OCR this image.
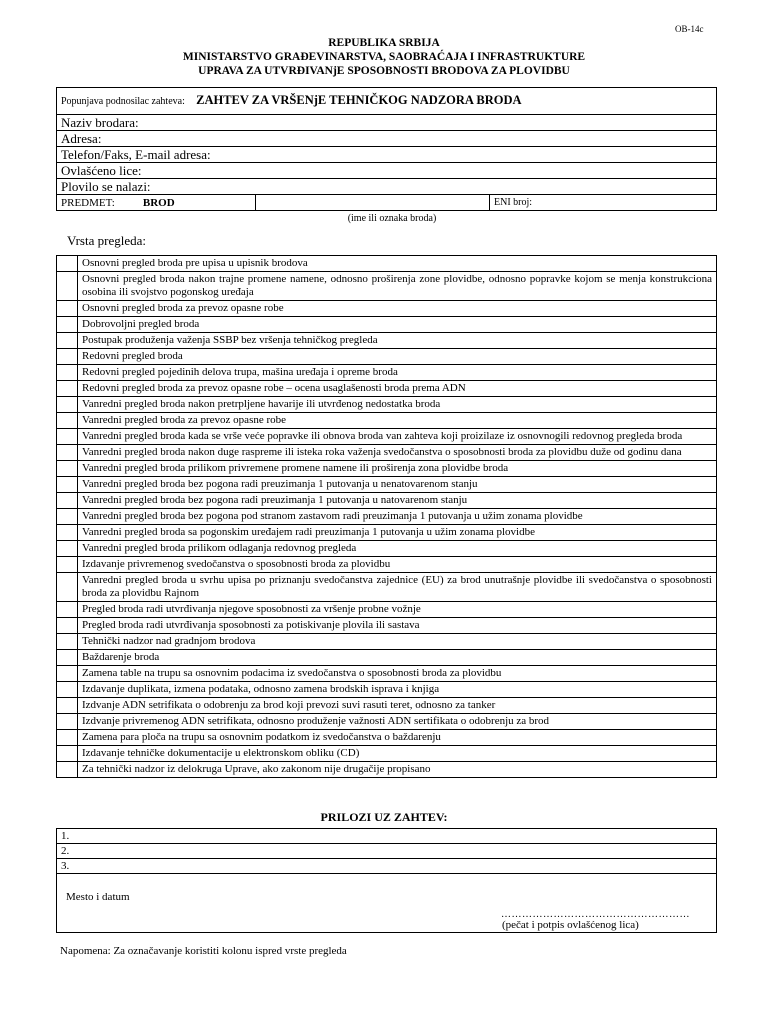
OB-14c
REPUBLIKA SRBIJA
MINISTARSTVO GRAĐEVINARSTVA, SAOBRAĆAJA I INFRASTRUKTURE
UPRAVA ZA UTVRĐIVANjE SPOSOBNOSTI BRODOVA ZA PLOVIDBU
Popunjava podnosilac zahteva: ZAHTEV ZA VRŠENjE TEHNIČKOG NADZORA BRODA
Naziv brodara:
Adresa:
Telefon/Faks, E-mail adresa:
Ovlašćeno lice:
Plovilo se nalazi:
PREDMET:	BROD		ENI broj:
(ime ili oznaka broda)
Vrsta pregleda:
	Osnovni pregled broda pre upisa u upisnik brodova
	Osnovni pregled broda nakon trajne promene namene, odnosno proširenja zone plovidbe, odnosno popravke kojom se menja konstrukciona osobina ili svojstvo pogonskog uređaja
	Osnovni pregled broda za prevoz opasne robe
	Dobrovoljni pregled broda
	Postupak produženja važenja SSBP bez vršenja tehničkog pregleda
	Redovni pregled broda
	Redovni pregled pojedinih delova trupa, mašina uređaja i opreme broda
	Redovni pregled broda za prevoz opasne robe – ocena usaglašenosti broda prema ADN
	Vanredni pregled broda nakon pretrpljene havarije ili utvrđenog nedostatka broda
	Vanredni pregled broda za prevoz opasne robe
	Vanredni pregled broda kada se vrše veće popravke ili obnova broda van zahteva koji proizilaze iz osnovnogili redovnog pregleda broda
	Vanredni pregled broda nakon duge raspreme ili isteka roka važenja svedočanstva o sposobnosti broda za plovidbu duže od godinu dana
	Vanredni pregled broda prilikom privremene promene namene ili proširenja zona plovidbe broda
	Vanredni pregled broda bez pogona radi preuzimanja 1 putovanja u nenatovarenom stanju
	Vanredni pregled broda bez pogona radi preuzimanja 1 putovanja u natovarenom stanju
	Vanredni pregled broda bez pogona pod stranom zastavom radi preuzimanja 1 putovanja u užim zonama plovidbe
	Vanredni pregled broda sa pogonskim uređajem radi preuzimanja 1 putovanja u užim zonama plovidbe
	Vanredni pregled broda prilikom odlaganja redovnog pregleda
	Izdavanje privremenog svedočanstva o sposobnosti broda za plovidbu
	Vanredni pregled broda u svrhu upisa po priznanju svedočanstva zajednice (EU) za brod unutrašnje plovidbe ili svedočanstva o sposobnosti broda za plovidbu Rajnom
	Pregled broda radi utvrđivanja njegove sposobnosti za vršenje probne vožnje
	Pregled broda radi utvrđivanja sposobnosti za potiskivanje plovila ili sastava
	Tehnički nadzor nad gradnjom brodova
	Baždarenje broda
	Zamena table na trupu sa osnovnim podacima iz svedočanstva o sposobnosti broda za plovidbu
	Izdavanje duplikata, izmena podataka, odnosno zamena brodskih isprava i knjiga
	Izdvanje ADN setrifikata o odobrenju za brod koji prevozi suvi rasuti teret, odnosno za tanker
	Izdvanje privremenog ADN setrifikata, odnosno produženje važnosti ADN sertifikata o odobrenju za brod
	Zamena para ploča na trupu sa osnovnim podatkom iz svedočanstva o baždarenju
	Izdavanje tehničke dokumentacije u elektronskom obliku (CD)
	Za tehnički nadzor iz delokruga Uprave, ako zakonom nije drugačije propisano
PRILOZI UZ ZAHTEV:
1.
2.
3.

Mesto i datum
………………………………………………
(pečat i potpis ovlašćenog lica)
Napomena: Za označavanje koristiti kolonu ispred vrste pregleda
